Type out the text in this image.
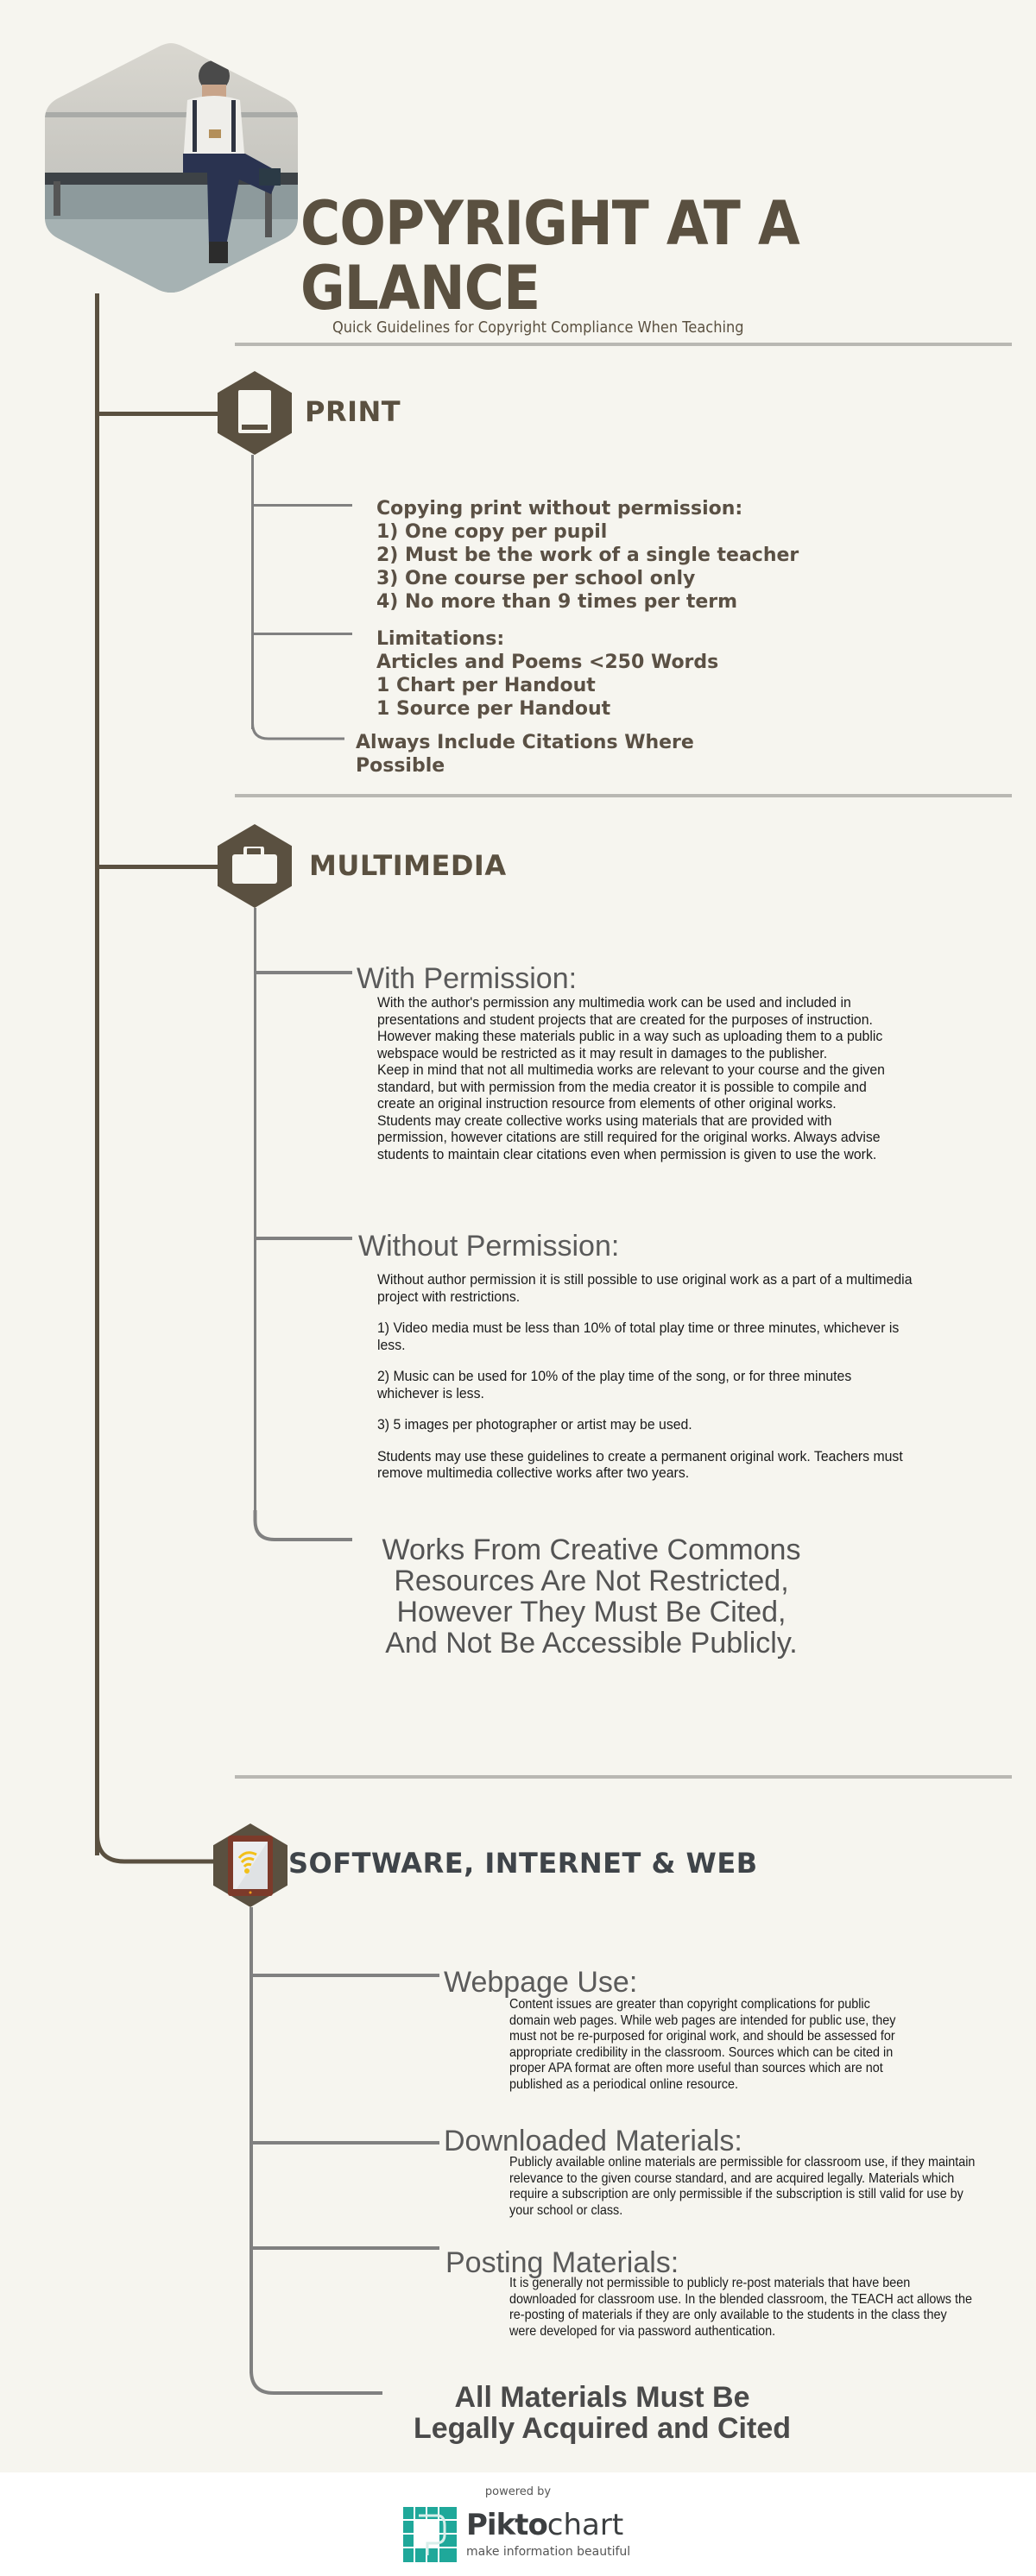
COPYRIGHT AT A
GLANCE
Quick Guidelines for Copyright Compliance When Teaching
PRINT
Copying print without permission:
1) One copy per pupil
2) Must be the work of a single teacher
3) One course per school only
4) No more than 9 times per term
Limitations:
Articles and Poems <250 Words
1 Chart per Handout
1 Source per Handout
Always Include Citations Where
Possible
MULTIMEDIA
With Permission:

With the author's permission any multimedia work can be used and included in presentations and student projects that are created for the purposes of instruction. However making these materials public in a way such as uploading them to a public webspace would be restricted as it may result in damages to the publisher.

Keep in mind that not all multimedia works are relevant to your course and the given standard, but with permission from the media creator it is possible to compile and create an original instruction resource from elements of other original works.

Students may create collective works using materials that are provided with permission, however citations are still required for the original works. Always advise students to maintain clear citations even when permission is given to use the work.

Without Permission:

Without author permission it is still possible to use original work as a part of a multimedia project with restrictions.

1) Video media must be less than 10% of total play time or three minutes, whichever is less.

2) Music can be used for 10% of the play time of the song, or for three minutes whichever is less.

3) 5 images per photographer or artist may be used.

Students may use these guidelines to create a permanent original work. Teachers must remove multimedia collective works after two years.

Works From Creative Commons Resources Are Not Restricted, However They Must Be Cited, And Not Be Accessible Publicly.
SOFTWARE, INTERNET & WEB
Webpage Use:
Content issues are greater than copyright complications for public domain web pages. While web pages are intended for public use, they must not be re-purposed for original work, and should be assessed for appropriate credibility in the classroom. Sources which can be cited in proper APA format are often more useful than sources which are not published as a periodical online resource.
Downloaded Materials:
Publicly available online materials are permissible for classroom use, if they maintain relevance to the given course standard, and are acquired legally. Materials which require a subscription are only permissible if the subscription is still valid for use by your school or class.
Posting Materials:
It is generally not permissible to publicly re-post materials that have been downloaded for classroom use. In the blended classroom, the TEACH act allows the re-posting of materials if they are only available to the students in the class they were developed for via password authentication.
All Materials Must Be
Legally Acquired and Cited
powered by
Piktochart
make information beautiful
